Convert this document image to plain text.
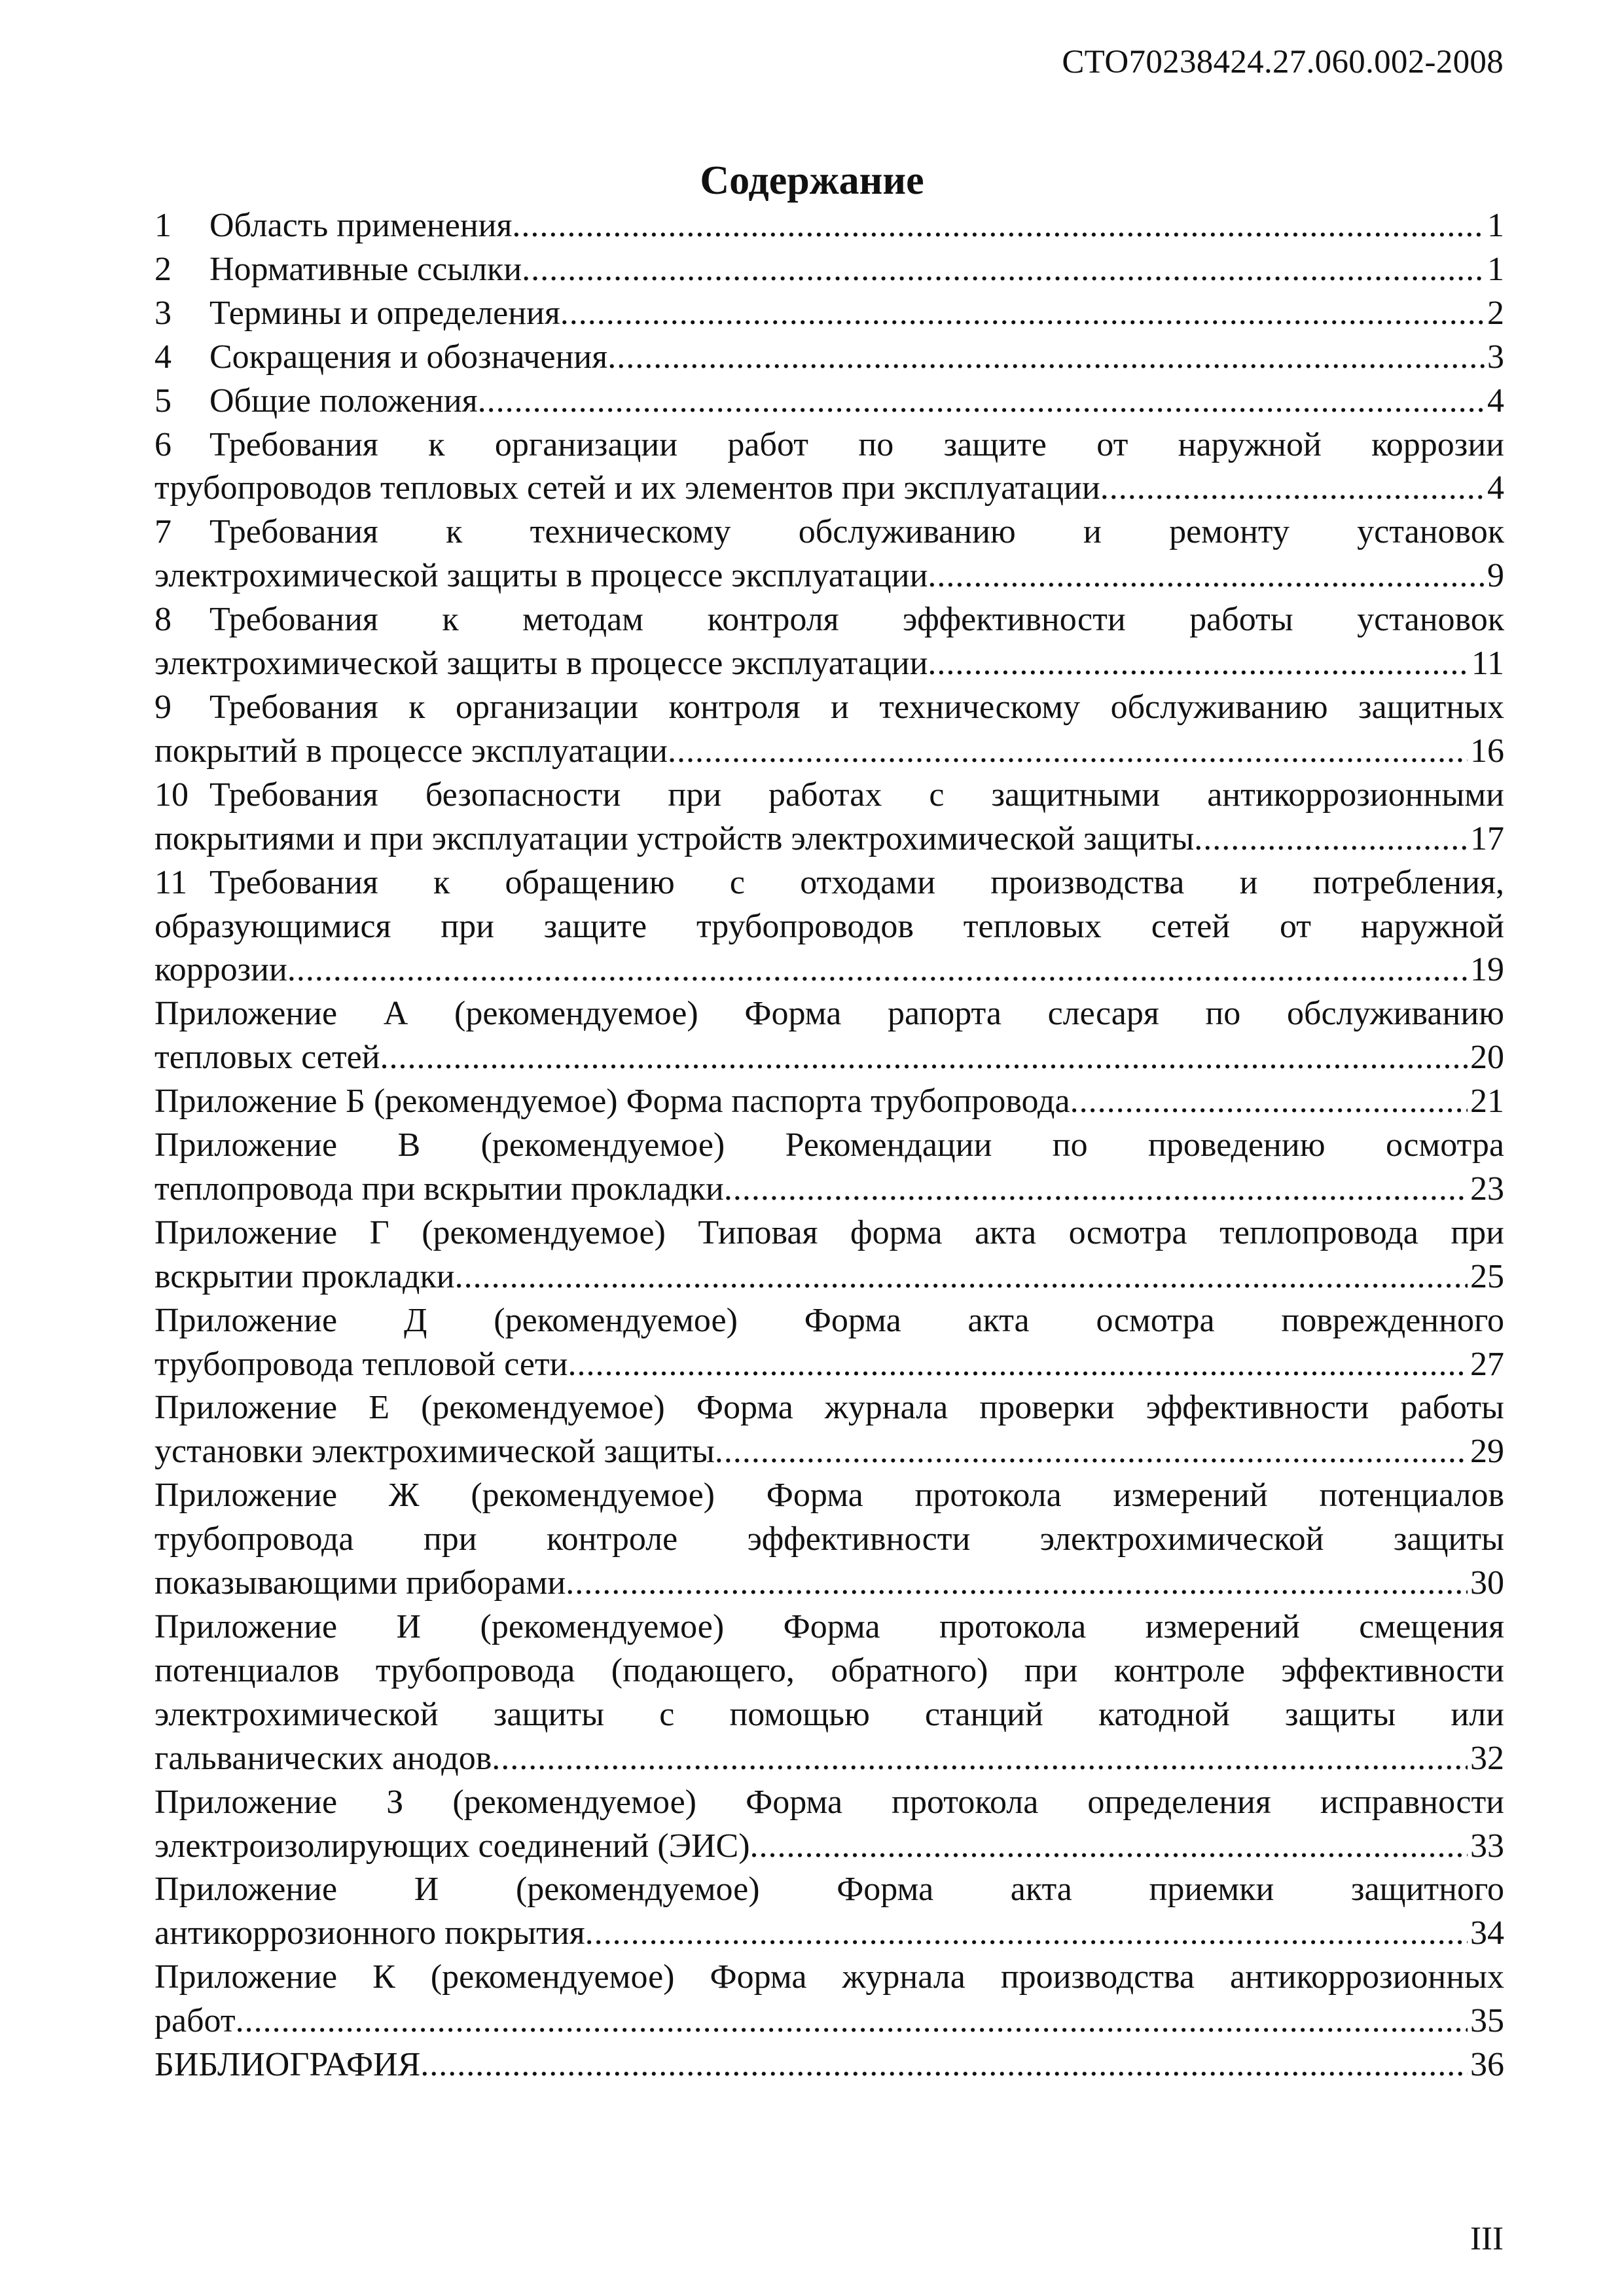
СТО70238424.27.060.002-2008
Содержание
1 Область применения .....	1
2 Нормативные ссылки .....	1
3 Термины и определения .....	2
4 Сокращения и обозначения .....	3
5 Общие положения .....	4
6 Требования к организации работ по защите от наружной коррозии
трубопроводов тепловых сетей и их элементов при эксплуатации .....	4
7 Требования к техническому обслуживанию и ремонту установок
электрохимической защиты в процессе эксплуатации .....	9
8 Требования к методам контроля эффективности работы установок
электрохимической защиты в процессе эксплуатации .....	11
9 Требования к организации контроля и техническому обслуживанию защитных
покрытий в процессе эксплуатации .....	16
10 Требования безопасности при работах с защитными антикоррозионными
покрытиями и при эксплуатации устройств электрохимической защиты .....	17
11 Требования к обращению с отходами производства и потребления,
образующимися при защите трубопроводов тепловых сетей от наружной
коррозии .....	19
Приложение А (рекомендуемое) Форма рапорта слесаря по обслуживанию
тепловых сетей .....	20
Приложение Б (рекомендуемое) Форма паспорта трубопровода .....	21
Приложение В (рекомендуемое) Рекомендации по проведению осмотра
теплопровода при вскрытии прокладки .....	23
Приложение Г (рекомендуемое) Типовая форма акта осмотра теплопровода при
вскрытии прокладки .....	25
Приложение Д (рекомендуемое) Форма акта осмотра поврежденного
трубопровода тепловой сети .....	27
Приложение Е (рекомендуемое) Форма журнала проверки эффективности работы
установки электрохимической защиты .....	29
Приложение Ж (рекомендуемое) Форма протокола измерений потенциалов
трубопровода при контроле эффективности электрохимической защиты
показывающими приборами .....	30
Приложение И (рекомендуемое) Форма протокола измерений смещения
потенциалов трубопровода (подающего, обратного) при контроле эффективности
электрохимической защиты с помощью станций катодной защиты или
гальванических анодов .....	32
Приложение З (рекомендуемое) Форма протокола определения исправности
электроизолирующих соединений (ЭИС) .....	33
Приложение И (рекомендуемое) Форма акта приемки защитного
антикоррозионного покрытия .....	34
Приложение К (рекомендуемое) Форма журнала производства антикоррозионных
работ .....	35
БИБЛИОГРАФИЯ .....	36
III
